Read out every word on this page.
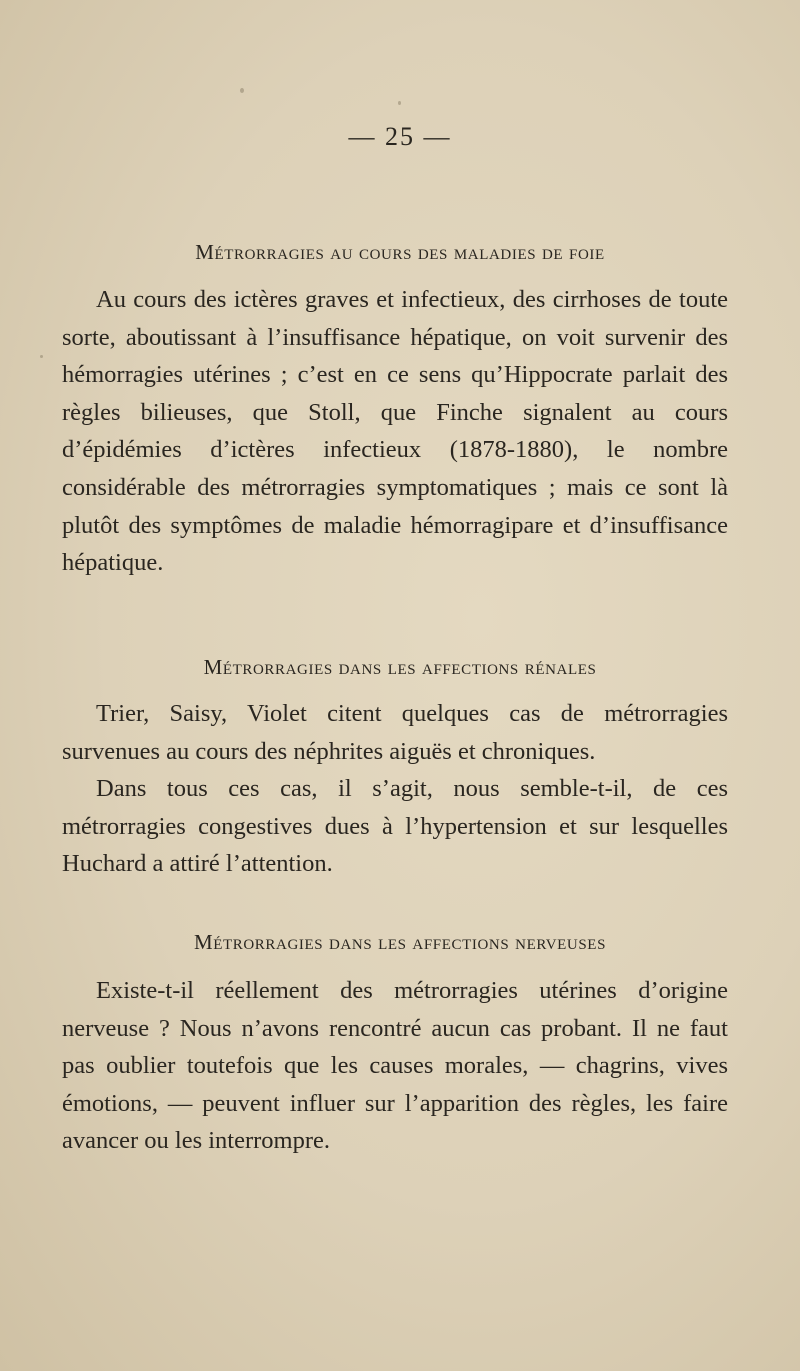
— 25 —
Métrorragies au cours des maladies de foie

Au cours des ictères graves et infectieux, des cirrhoses de toute sorte, aboutissant à l’insuffisance hépatique, on voit survenir des hémorragies utérines ; c’est en ce sens qu’Hippocrate parlait des règles bilieuses, que Stoll, que Finche signalent au cours d’épidémies d’ictères infectieux (1878-1880), le nombre considérable des métrorragies symptomatiques ; mais ce sont là plutôt des symptômes de maladie hémorragipare et d’insuffisance hépatique.

Métrorragies dans les affections rénales

Trier, Saisy, Violet citent quelques cas de métrorragies survenues au cours des néphrites aiguës et chroniques.

Dans tous ces cas, il s’agit, nous semble-t-il, de ces métrorragies congestives dues à l’hypertension et sur lesquelles Huchard a attiré l’attention.

Métrorragies dans les affections nerveuses

Existe-t-il réellement des métrorragies utérines d’origine nerveuse ? Nous n’avons rencontré aucun cas probant. Il ne faut pas oublier toutefois que les causes morales, — chagrins, vives émotions, — peuvent influer sur l’apparition des règles, les faire avancer ou les interrompre.
